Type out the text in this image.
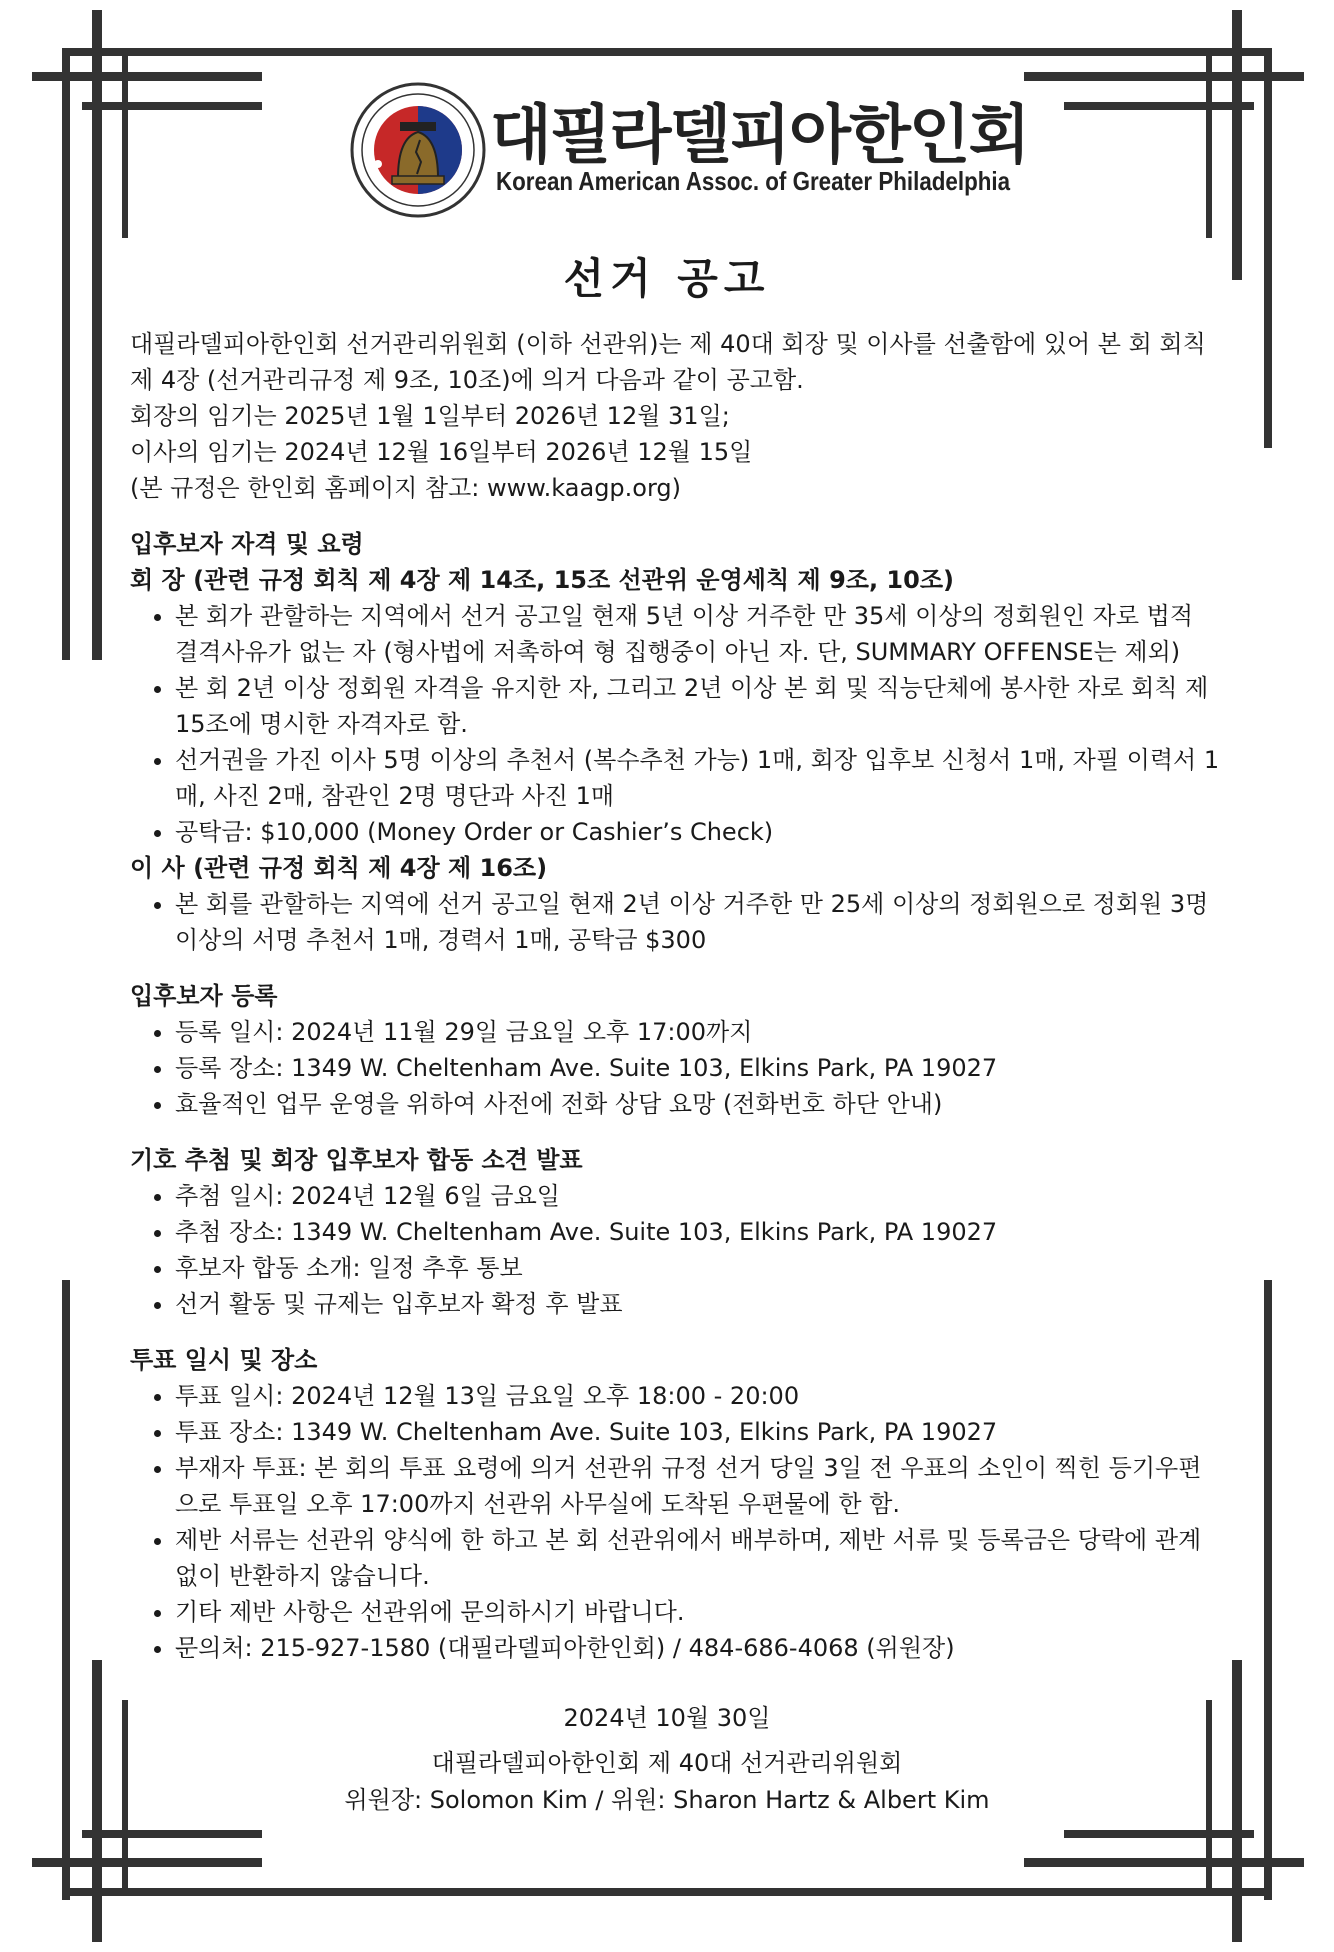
대필라델피아한인회
Korean American Assoc. of Greater Philadelphia
선거 공고

대필라델피아한인회 선거관리위원회 (이하 선관위)는 제 40대 회장 및 이사를 선출함에 있어 본 회 회칙 제 4장 (선거관리규정 제 9조, 10조)에 의거 다음과 같이 공고함.

회장의 임기는 2025년 1월 1일부터 2026년 12월 31일;

이사의 임기는 2024년 12월 16일부터 2026년 12월 15일

(본 규정은 한인회 홈페이지 참고: www.kaagp.org)

입후보자 자격 및 요령

회 장 (관련 규정 회칙 제 4장 제 14조, 15조 선관위 운영세칙 제 9조, 10조)

• 본 회가 관할하는 지역에서 선거 공고일 현재 5년 이상 거주한 만 35세 이상의 정회원인 자로 법적 결격사유가 없는 자 (형사법에 저촉하여 형 집행중이 아닌 자. 단, SUMMARY OFFENSE는 제외)
• 본 회 2년 이상 정회원 자격을 유지한 자, 그리고 2년 이상 본 회 및 직능단체에 봉사한 자로 회칙 제 15조에 명시한 자격자로 함.
• 선거권을 가진 이사 5명 이상의 추천서 (복수추천 가능) 1매, 회장 입후보 신청서 1매, 자필 이력서 1매, 사진 2매, 참관인 2명 명단과 사진 1매
• 공탁금: $10,000 (Money Order or Cashier’s Check)

이 사 (관련 규정 회칙 제 4장 제 16조)

• 본 회를 관할하는 지역에 선거 공고일 현재 2년 이상 거주한 만 25세 이상의 정회원으로 정회원 3명 이상의 서명 추천서 1매, 경력서 1매, 공탁금 $300

입후보자 등록

• 등록 일시: 2024년 11월 29일 금요일 오후 17:00까지
• 등록 장소: 1349 W. Cheltenham Ave. Suite 103, Elkins Park, PA 19027
• 효율적인 업무 운영을 위하여 사전에 전화 상담 요망 (전화번호 하단 안내)

기호 추첨 및 회장 입후보자 합동 소견 발표

• 추첨 일시: 2024년 12월 6일 금요일
• 추첨 장소: 1349 W. Cheltenham Ave. Suite 103, Elkins Park, PA 19027
• 후보자 합동 소개: 일정 추후 통보
• 선거 활동 및 규제는 입후보자 확정 후 발표

투표 일시 및 장소

• 투표 일시: 2024년 12월 13일 금요일 오후 18:00 - 20:00
• 투표 장소: 1349 W. Cheltenham Ave. Suite 103, Elkins Park, PA 19027
• 부재자 투표: 본 회의 투표 요령에 의거 선관위 규정 선거 당일 3일 전 우표의 소인이 찍힌 등기우편으로 투표일 오후 17:00까지 선관위 사무실에 도착된 우편물에 한 함.
• 제반 서류는 선관위 양식에 한 하고 본 회 선관위에서 배부하며, 제반 서류 및 등록금은 당락에 관계없이 반환하지 않습니다.
• 기타 제반 사항은 선관위에 문의하시기 바랍니다.
• 문의처: 215-927-1580 (대필라델피아한인회) / 484-686-4068 (위원장)

2024년 10월 30일

대필라델피아한인회 제 40대 선거관리위원회

위원장: Solomon Kim / 위원: Sharon Hartz & Albert Kim
